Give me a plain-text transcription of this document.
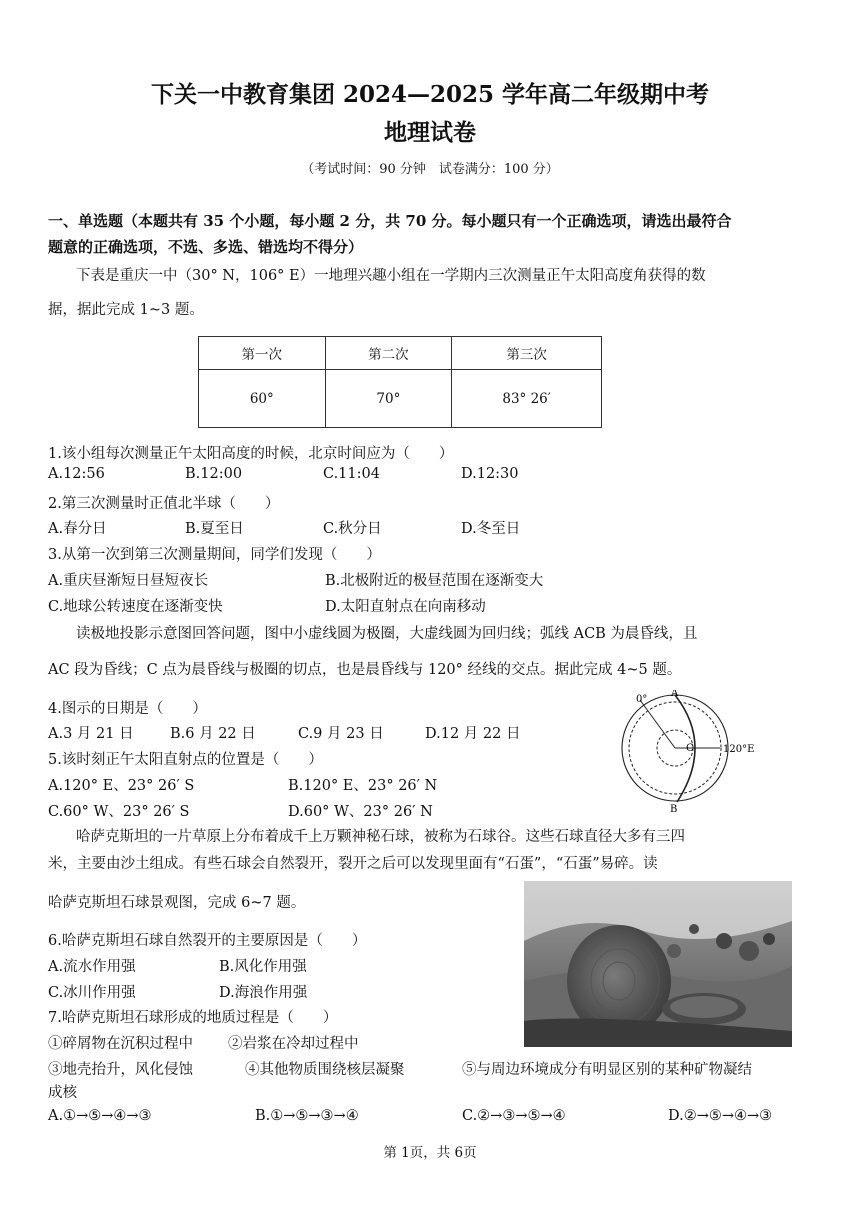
下关一中教育集团 2024—2025 学年高二年级期中考
地理试卷
（考试时间：90 分钟　试卷满分：100 分）
一、单选题（本题共有 35 个小题，每小题 2 分，共 70 分。每小题只有一个正确选项，请选出最符合
题意的正确选项，不选、多选、错选均不得分）
下表是重庆一中（30° N，106° E）一地理兴趣小组在一学期内三次测量正午太阳高度角获得的数
据，据此完成 1~3 题。
第一次	第二次	第三次
60°	70°	83° 26′
1.该小组每次测量正午太阳高度的时候，北京时间应为（　　）
A.12:56	B.12:00	C.11:04	D.12:30
2.第三次测量时正值北半球（　　）
A.春分日	B.夏至日	C.秋分日	D.冬至日
3.从第一次到第三次测量期间，同学们发现（　　）
A.重庆昼渐短日昼短夜长	B.北极附近的极昼范围在逐渐变大
C.地球公转速度在逐渐变快	D.太阳直射点在向南移动
读极地投影示意图回答问题，图中小虚线圆为极圈，大虚线圆为回归线；弧线 ACB 为晨昏线，且
AC 段为昏线；C 点为晨昏线与极圈的切点，也是晨昏线与 120° 经线的交点。据此完成 4~5 题。
4.图示的日期是（　　）
A.3 月 21 日	B.6 月 22 日	C.9 月 23 日	D.12 月 22 日
5.该时刻正午太阳直射点的位置是（　　）
A.120° E、23° 26′ S	B.120° E、23° 26′ N
C.60° W、23° 26′ S	D.60° W、23° 26′ N
0°
A
C	120°E
B
哈萨克斯坦的一片草原上分布着成千上万颗神秘石球，被称为石球谷。这些石球直径大多有三四
米，主要由沙土组成。有些石球会自然裂开，裂开之后可以发现里面有“石蛋”，“石蛋”易碎。读
哈萨克斯坦石球景观图，完成 6~7 题。
6.哈萨克斯坦石球自然裂开的主要原因是（　　）
A.流水作用强	B.风化作用强
C.冰川作用强	D.海浪作用强
7.哈萨克斯坦石球形成的地质过程是（　　）
①碎屑物在沉积过程中 ②岩浆在冷却过程中
③地壳抬升，风化侵蚀	④其他物质围绕核层凝聚	⑤与周边环境成分有明显区别的某种矿物凝结
成核
A.①→⑤→④→③	B.①→⑤→③→④	C.②→③→⑤→④	D.②→⑤→④→③
第 1页，共 6页
